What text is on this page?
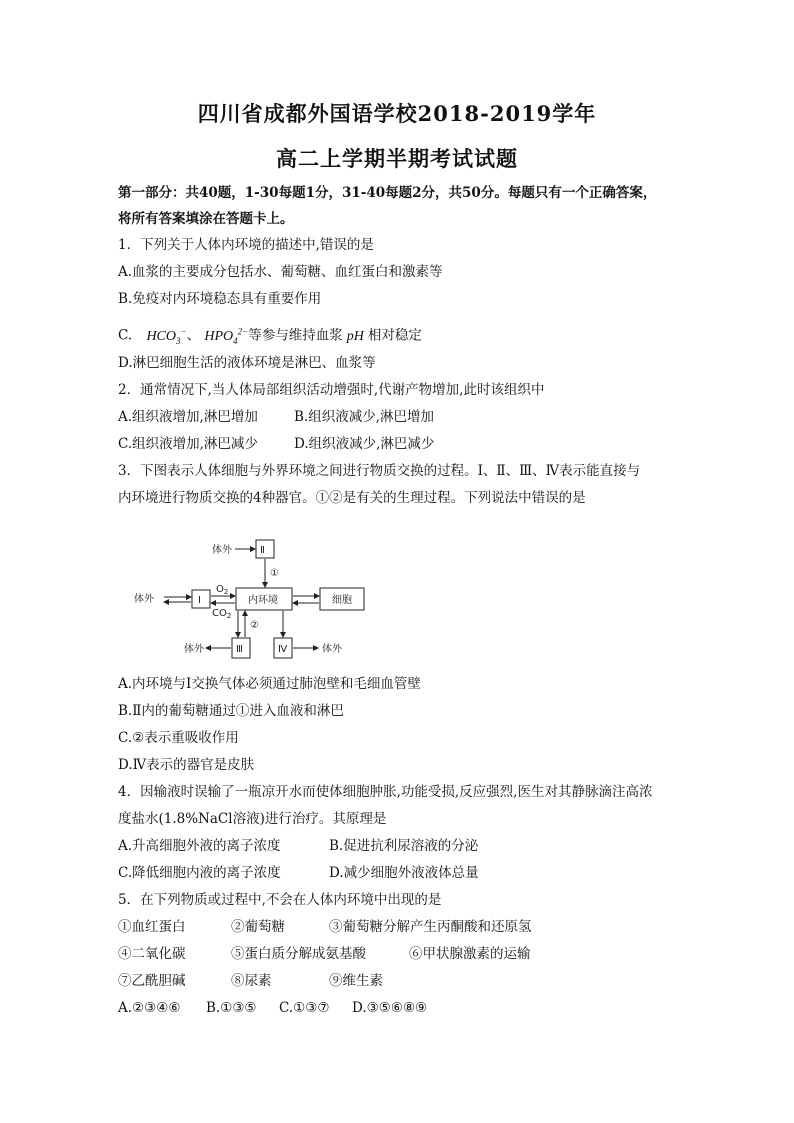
四川省成都外国语学校2018-2019学年
高二上学期半期考试试题
第一部分：共40题，1-30每题1分，31-40每题2分，共50分。每题只有一个正确答案，
将所有答案填涂在答题卡上。
1．下列关于人体内环境的描述中,错误的是
A.血浆的主要成分包括水、葡萄糖、血红蛋白和激素等
B.免疫对内环境稳态具有重要作用
C. $HCO_3^-$、 $HPO_4^{2-}$等参与维持血浆 pH 相对稳定
D.淋巴细胞生活的液体环境是淋巴、血浆等
2．通常情况下,当人体局部组织活动增强时,代谢产物增加,此时该组织中
A.组织液增加,淋巴增加	B.组织液减少,淋巴增加
C.组织液增加,淋巴减少	D.组织液减少,淋巴减少
3．下图表示人体细胞与外界环境之间进行物质交换的过程。Ⅰ、Ⅱ、Ⅲ、Ⅳ表示能直接与
内环境进行物质交换的4种器官。①②是有关的生理过程。下列说法中错误的是
体外	Ⅱ
①
体外	Ⅰ
$O_2$
$CO_2$
内环境	细胞
②
体外	Ⅲ	Ⅳ	体外
A.内环境与Ⅰ交换气体必须通过肺泡壁和毛细血管壁
B.Ⅱ内的葡萄糖通过①进入血液和淋巴
C.②表示重吸收作用
D.Ⅳ表示的器官是皮肤
4．因输液时误输了一瓶凉开水而使体细胞肿胀,功能受损,反应强烈,医生对其静脉滴注高浓
度盐水(1.8%NaCl溶液)进行治疗。其原理是
A.升高细胞外液的离子浓度	B.促进抗利尿溶液的分泌
C.降低细胞内液的离子浓度	D.减少细胞外液液体总量
5．在下列物质或过程中,不会在人体内环境中出现的是
①血红蛋白	②葡萄糖	③葡萄糖分解产生丙酮酸和还原氢
④二氧化碳	⑤蛋白质分解成氨基酸	⑥甲状腺激素的运输
⑦乙酰胆碱	⑧尿素	⑨维生素
A.②③④⑥ B.①③⑤ C.①③⑦ D.③⑤⑥⑧⑨
